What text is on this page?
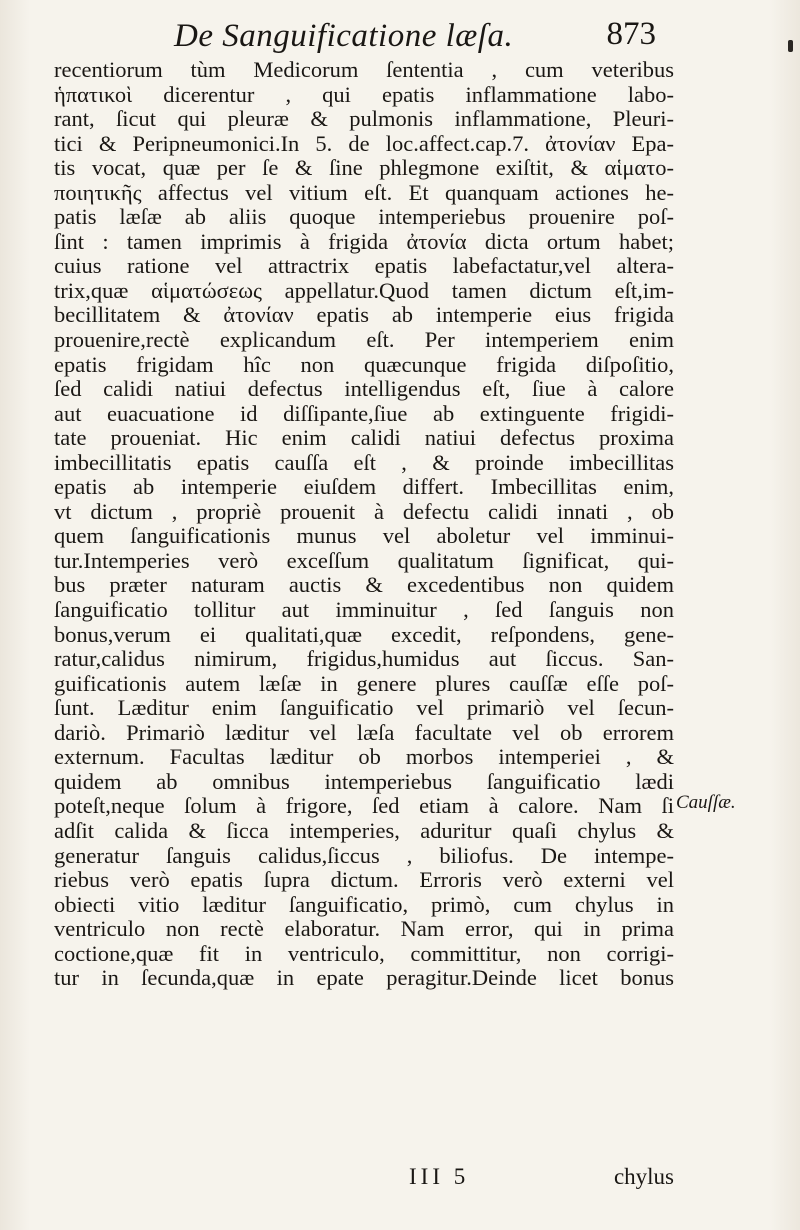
De Sanguificatione læſa.	873
recentiorum tùm Medicorum ſententia , cum veteribus
ἡπατικοὶ dicerentur , qui epatis inflammatione labo-
rant, ſicut qui pleuræ & pulmonis inflammatione, Pleuri-
tici & Peripneumonici.In 5. de loc.affect.cap.7. ἀτονίαν Epa-
tis vocat, quæ per ſe & ſine phlegmone exiſtit, & αἱματο-
ποιητικῆς affectus vel vitium eſt. Et quanquam actiones he-
patis læſæ ab aliis quoque intemperiebus prouenire poſ-
ſint : tamen imprimis à frigida ἀτονία dicta ortum habet;
cuius ratione vel attractrix epatis labefactatur,vel altera-
trix,quæ αἱματώσεως appellatur.Quod tamen dictum eſt,im-
becillitatem & ἀτονίαν epatis ab intemperie eius frigida
prouenire,rectè explicandum eſt. Per intemperiem enim
epatis frigidam hîc non quæcunque frigida diſpoſitio,
ſed calidi natiui defectus intelligendus eſt, ſiue à calore
aut euacuatione id diſſipante,ſiue ab extinguente frigidi-
tate proueniat. Hic enim calidi natiui defectus proxima
imbecillitatis epatis cauſſa eſt , & proinde imbecillitas
epatis ab intemperie eiuſdem differt. Imbecillitas enim,
vt dictum , propriè prouenit à defectu calidi innati , ob
quem ſanguificationis munus vel aboletur vel imminui-
tur.Intemperies verò exceſſum qualitatum ſignificat, qui-
bus præter naturam auctis & excedentibus non quidem
ſanguificatio tollitur aut imminuitur , ſed ſanguis non
bonus,verum ei qualitati,quæ excedit, reſpondens, gene-
ratur,calidus nimirum, frigidus,humidus aut ſiccus. San-
guificationis autem læſæ in genere plures cauſſæ eſſe poſ-
ſunt. Læditur enim ſanguificatio vel primariò vel ſecun-
dariò. Primariò læditur vel læſa facultate vel ob errorem
externum. Facultas læditur ob morbos intemperiei , &
quidem ab omnibus intemperiebus ſanguificatio lædi
poteſt,neque ſolum à frigore, ſed etiam à calore. Nam ſi
adſit calida & ſicca intemperies, aduritur quaſi chylus &
generatur ſanguis calidus,ſiccus , biliofus. De intempe-
riebus verò epatis ſupra dictum. Erroris verò externi vel
obiecti vitio læditur ſanguificatio, primò, cum chylus in
ventriculo non rectè elaboratur. Nam error, qui in prima
coctione,quæ fit in ventriculo, committitur, non corrigi-
tur in ſecunda,quæ in epate peragitur.Deinde licet bonus
Cauſſæ.
III 5	chylus
